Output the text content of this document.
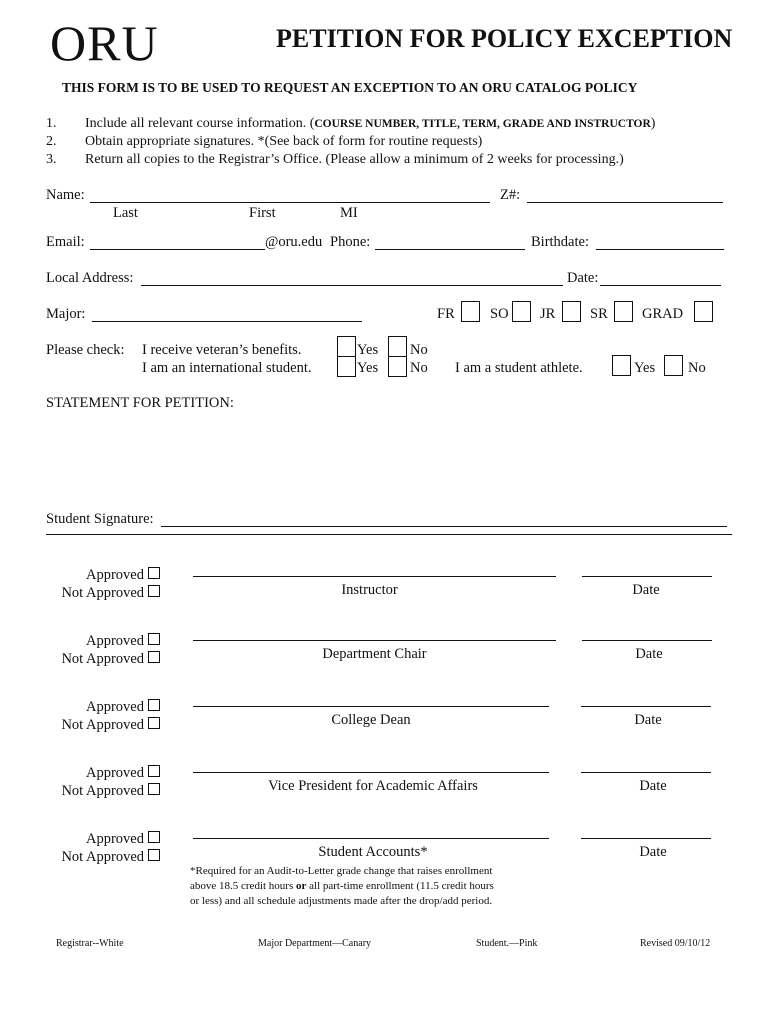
ORU	PETITION FOR POLICY EXCEPTION
THIS FORM IS TO BE USED TO REQUEST AN EXCEPTION TO AN ORU CATALOG POLICY
1. Include all relevant course information. (COURSE NUMBER, TITLE, TERM, GRADE AND INSTRUCTOR)
2. Obtain appropriate signatures. *(See back of form for routine requests)
3. Return all copies to the Registrar’s Office. (Please allow a minimum of 2 weeks for processing.)
Name:	Z#:
Last	First	MI
Email:	@oru.edu Phone:	Birthdate:
Local Address:	Date:
Major:	FR SO JR SR GRAD
Please check: I receive veteran’s benefits.	Yes No
I am an international student.	Yes No I am a student athlete.	Yes No
STATEMENT FOR PETITION:
Student Signature:
Approved
Not Approved	Instructor	Date
Approved
Not Approved	Department Chair	Date
Approved
Not Approved	College Dean	Date
Approved
Not Approved	Vice President for Academic Affairs	Date
Approved
Not Approved	Student Accounts*	Date
*Required for an Audit-to-Letter grade change that raises enrollment
above 18.5 credit hours or all part-time enrollment (11.5 credit hours
or less) and all schedule adjustments made after the drop/add period.
Registrar--White	Major Department—Canary	Student.—Pink	Revised 09/10/12
